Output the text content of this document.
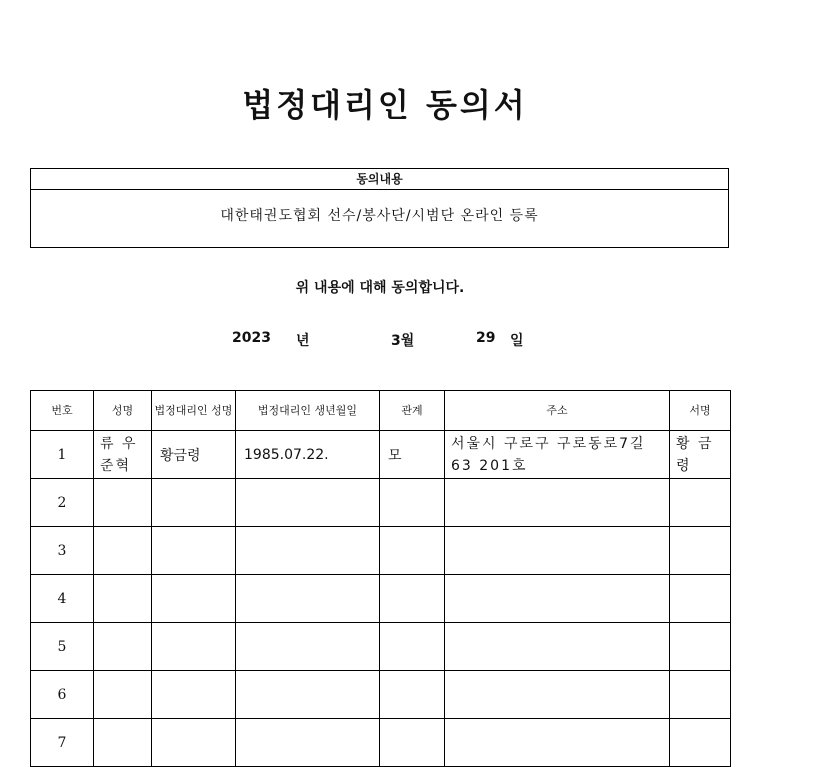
법정대리인 동의서
동의내용
대한태권도협회 선수/봉사단/시범단 온라인 등록
위 내용에 대해 동의합니다.
2023 년	3월	29 일
번호	성명	법정대리인 성명	법정대리인 생년월일	관계	주소	서명
1	류 우 준혁	황금령	1985.07.22.	모	서울시 구로구 구로동로7길 63 201호	황 금 령
2						
3						
4						
5						
6						
7						
